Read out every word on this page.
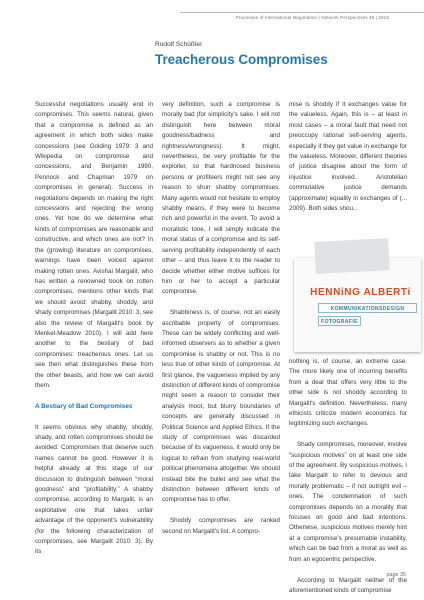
Processes of International Negotiation | Network Perspectives 45 | 2018
Rudolf Schüßler
Treacherous Compromises

Successful negotiations usually end in compromises. This seems natural, given that a compromise is defined as an agreement in which both sides make concessions (see Golding 1979: 3 and Wikipedia on compromise and concessions, and Benjamin 1990, Pennock and Chapman 1979 on compromises in general). Success in negotiations depends on making the right concessions and rejecting the wrong ones. Yet how do we determine what kinds of compromises are reasonable and constructive, and which ones are not? In the (growing) literature on compromises, warnings have been voiced against making rotten ones. Avishai Margalit, who has written a renowned book on rotten compromises, mentions other kinds that we should avoid: shabby, shoddy, and shady compromises (Margalit 2010: 3; see also the review of Margalit's book by Menkel-Meadow 2010). I will add here another to the bestiary of bad compromises: treacherous ones. Let us see then what distinguishes these from the other beasts, and how we can avoid them.

A Bestiary of Bad Compromises

It seems obvious why shabby, shoddy, shady, and rotten compromises should be avoided. Compromises that deserve such names cannot be good. However it is helpful already at this stage of our discussion to distinguish between “moral goodness” and “profitability.” A shabby compromise, according to Margalit, is an exploitative one that takes unfair advantage of the opponent's vulnerability (for the following characterization of compromises, see Margalit 2010: 3). By its

very definition, such a compromise is morally bad (for simplicity's sake, I will not distinguish here between moral goodness/badness and rightness/wrongness). It might, nevertheless, be very profitable for the exploiter, so that hardnosed business persons or profiteers might not see any reason to shun shabby compromises. Many agents would not hesitate to employ shabby means, if they were to become rich and powerful in the event. To avoid a moralistic tone, I will simply indicate the moral status of a compromise and its self-serving profitability independently of each other – and thus leave it to the reader to decide whether either motive suffices for him or her to accept a particular compromise.

Shabbiness is, of course, not an easily ascribable property of compromises. These can be widely conflicting and well-informed observers as to whether a given compromise is shabby or not. This is no less true of other kinds of compromise. At first glance, the vagueness implied by any distinction of different kinds of compromise might seem a reason to consider their analysis moot, but blurry boundaries of concepts are generally discussed in Political Science and Applied Ethics. If the study of compromises was discarded because of its vagueness, it would only be logical to refrain from studying real-world political phenomena altogether. We should instead bite the bullet and see what the distinction between different kinds of compromise has to offer.

Shoddy compromises are ranked second on Margalit's list. A compro-

mise is shoddy if it exchanges value for the valueless. Again, this is – at least in most cases – a moral fault that need not preoccupy rational self-serving agents, especially if they get value in exchange for the valueless. Moreover, different theories of justice disagree about the form of injustice involved. Aristotelian commutative justice demands (approximate) equality in exchanges of (... 2009). Both sides shou...

nothing is, of course, an extreme case. The more likely one of incurring benefits from a deal that offers very little to the other side is not shoddy according to Margalit's definition. Nevertheless, many ethicists criticize modern economics for legitimizing such exchanges.

Shady compromises, moreover, involve “suspicious motives” on at least one side of the agreement. By suspicious motives, I take Margalit to refer to devious and morally problematic – if not outright evil – ones. The condemnation of such compromises depends on a morality that focuses on good and bad intentions. Otherwise, suspicious motives merely hint at a compromise's presumable instability, which can be bad from a moral as well as from an egocentric perspective.

According to Margalit neither of the aforementioned kinds of compromise

HENNiNG ALBERTi
KOMMUNIKATIONSDESIGN
FOTOGRAFIE
page 35
